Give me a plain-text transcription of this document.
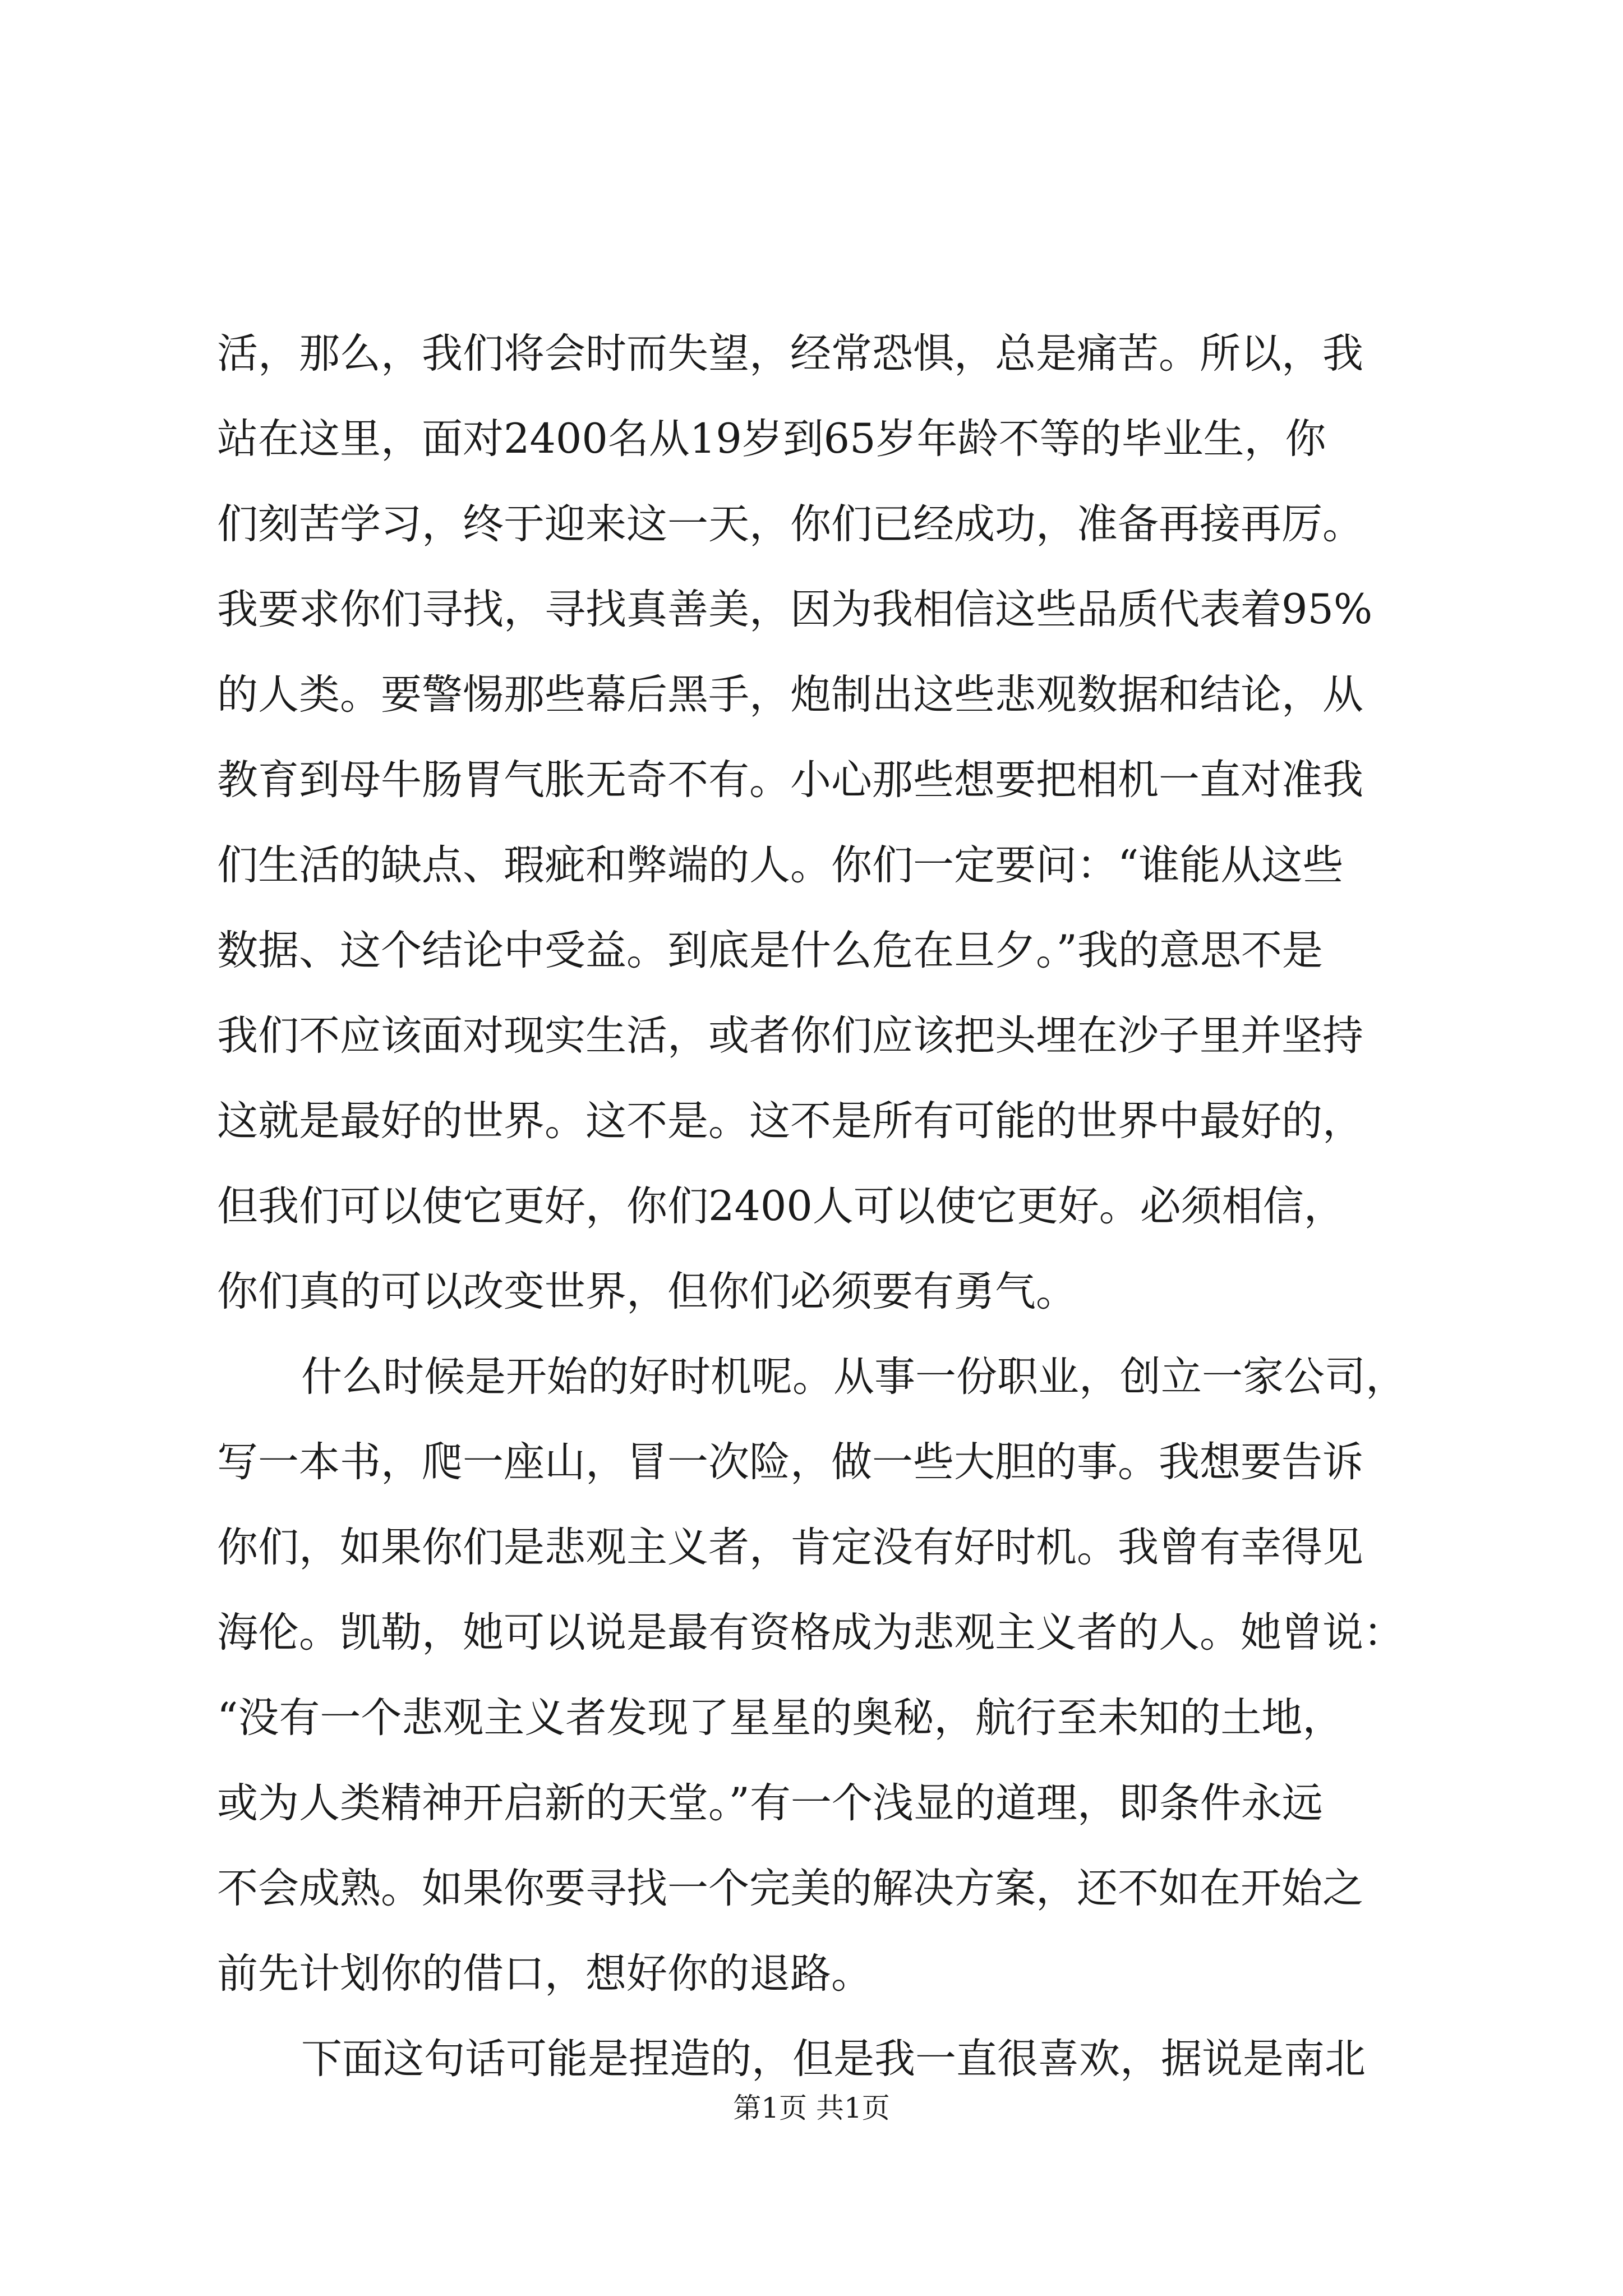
活，那么，我们将会时而失望，经常恐惧，总是痛苦。所以，我
站在这里，面对2400名从19岁到65岁年龄不等的毕业生，你
们刻苦学习，终于迎来这一天，你们已经成功，准备再接再厉。
我要求你们寻找，寻找真善美，因为我相信这些品质代表着95%
的人类。要警惕那些幕后黑手，炮制出这些悲观数据和结论，从
教育到母牛肠胃气胀无奇不有。小心那些想要把相机一直对准我
们生活的缺点、瑕疵和弊端的人。你们一定要问：“谁能从这些
数据、这个结论中受益。到底是什么危在旦夕。”我的意思不是
我们不应该面对现实生活，或者你们应该把头埋在沙子里并坚持
这就是最好的世界。这不是。这不是所有可能的世界中最好的，
但我们可以使它更好，你们2400人可以使它更好。必须相信，
你们真的可以改变世界，但你们必须要有勇气。
什么时候是开始的好时机呢。从事一份职业，创立一家公司，
写一本书，爬一座山，冒一次险，做一些大胆的事。我想要告诉
你们，如果你们是悲观主义者，肯定没有好时机。我曾有幸得见
海伦。凯勒，她可以说是最有资格成为悲观主义者的人。她曾说：
“没有一个悲观主义者发现了星星的奥秘，航行至未知的土地，
或为人类精神开启新的天堂。”有一个浅显的道理，即条件永远
不会成熟。如果你要寻找一个完美的解决方案，还不如在开始之
前先计划你的借口，想好你的退路。
下面这句话可能是捏造的，但是我一直很喜欢，据说是南北
第1页 共1页
